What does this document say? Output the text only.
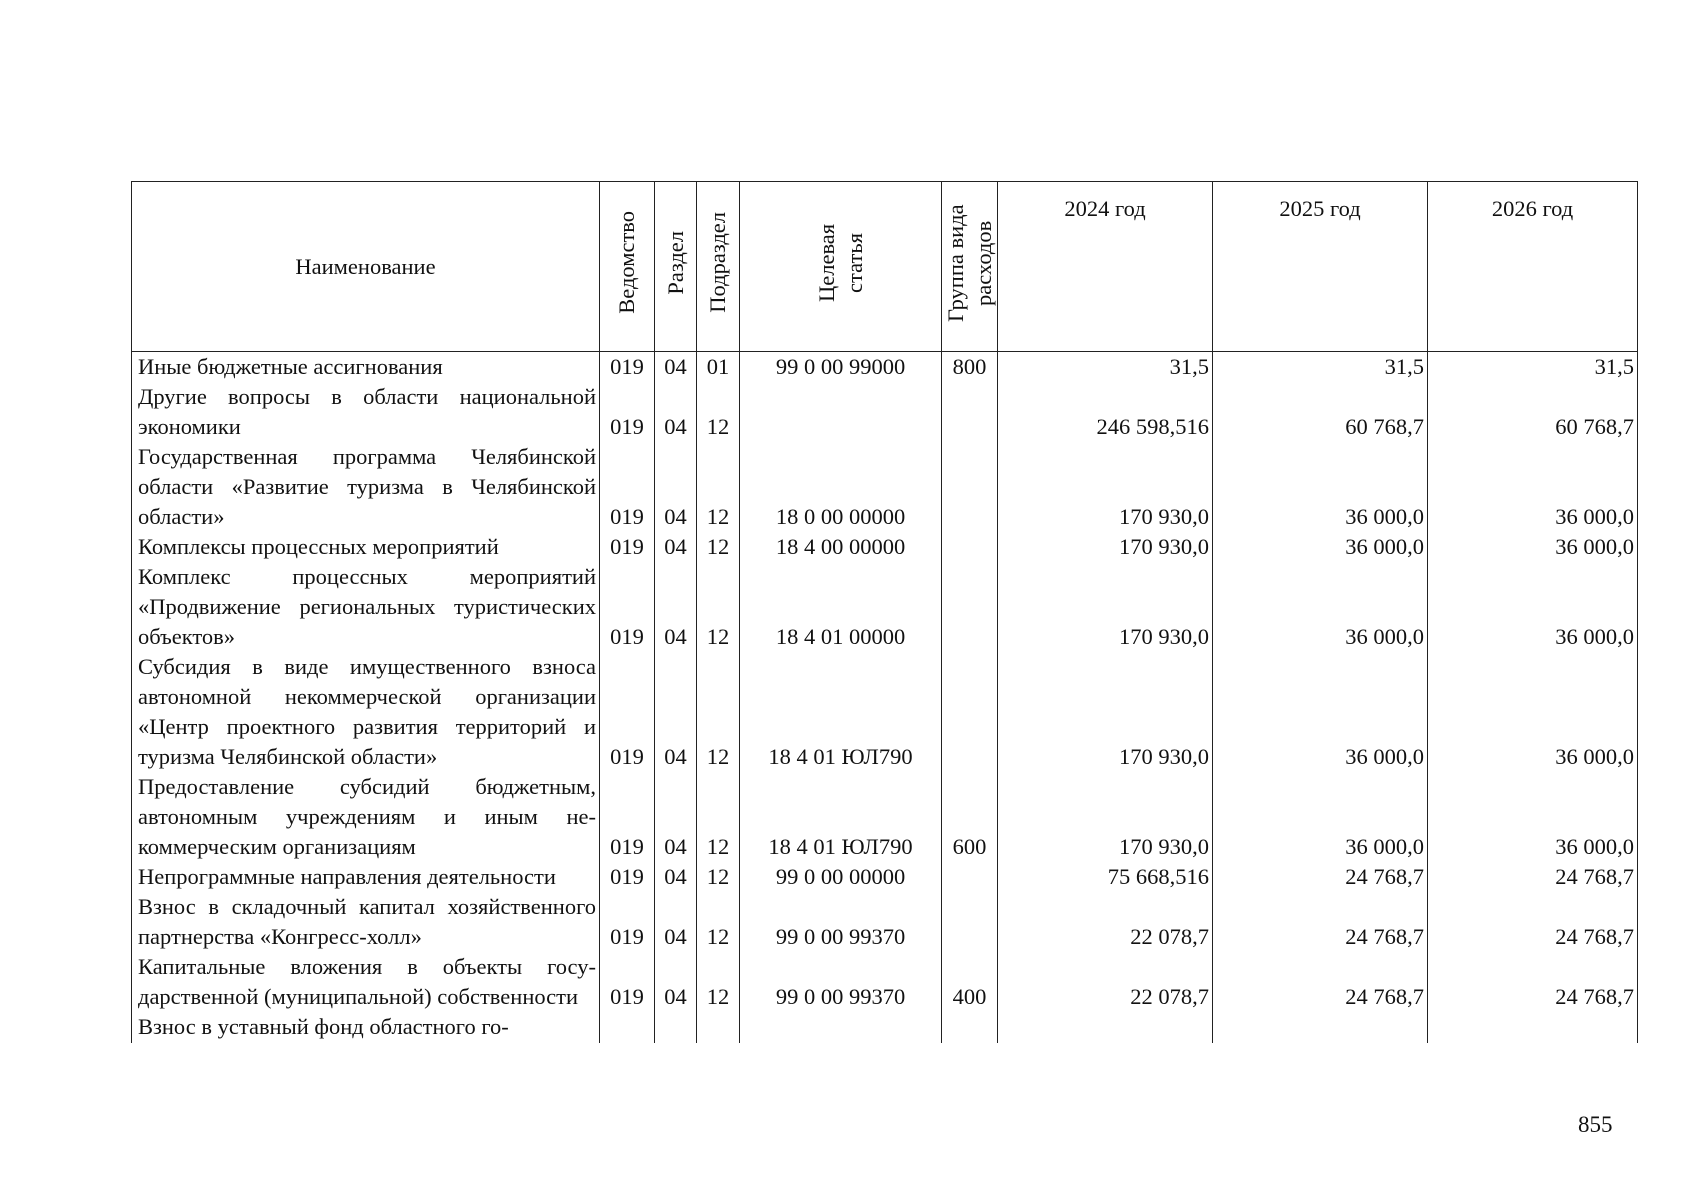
Наименование	Ведомство	Раздел	Подраздел	Целевая статья	Группа вида расходов	2024 год	2025 год	2026 год
Иные бюджетные ассигнования	019	04	01	99 0 00 99000	800	31,5	31,5	31,5
Другие вопросы в области национальной экономики	019	04	12			246 598,516	60 768,7	60 768,7
Государственная программа Челябинской области «Развитие туризма в Челябинской области»	019	04	12	18 0 00 00000		170 930,0	36 000,0	36 000,0
Комплексы процессных мероприятий	019	04	12	18 4 00 00000		170 930,0	36 000,0	36 000,0
Комплекс процессных мероприятий «Продвижение региональных туристических объектов»	019	04	12	18 4 01 00000		170 930,0	36 000,0	36 000,0
Субсидия в виде имущественного взноса автономной некоммерческой организации «Центр проектного развития территорий и туризма Челябинской области»	019	04	12	18 4 01 ЮЛ790		170 930,0	36 000,0	36 000,0
Предоставление субсидий бюджетным, автономным учреждениям и иным некоммерческим организациям	019	04	12	18 4 01 ЮЛ790	600	170 930,0	36 000,0	36 000,0
Непрограммные направления деятельности	019	04	12	99 0 00 00000		75 668,516	24 768,7	24 768,7
Взнос в складочный капитал хозяйственного партнерства «Конгресс-холл»	019	04	12	99 0 00 99370		22 078,7	24 768,7	24 768,7
Капитальные вложения в объекты государственной (муниципальной) собственности	019	04	12	99 0 00 99370	400	22 078,7	24 768,7	24 768,7
Взнос в уставный фонд областного го-								
855
